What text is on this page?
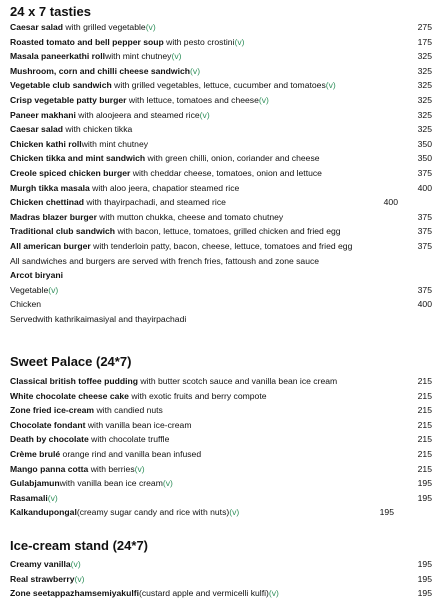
24 x 7 tasties
Caesar salad with grilled vegetable(v)	275
Roasted tomato and bell pepper soup with pesto crostini(v)	175
Masala paneerkathi rollwith mint chutney(v)	325
Mushroom, corn and chilli cheese sandwich(v)	325
Vegetable club sandwich with grilled vegetables, lettuce, cucumber and tomatoes(v)	325
Crisp vegetable patty burger with lettuce, tomatoes and cheese(v)	325
Paneer makhani with aloojeera and steamed rice(v)	325
Caesar salad with chicken tikka	325
Chicken kathi rollwith mint chutney	350
Chicken tikka and mint sandwich with green chilli, onion, coriander and cheese	350
Creole spiced chicken burger with cheddar cheese, tomatoes, onion and lettuce	375
Murgh tikka masala with aloo jeera, chapatior steamed rice	400
Chicken chettinad with thayirpachadi, and steamed rice	400
Madras blazer burger with mutton chukka, cheese and tomato chutney	375
Traditional club sandwich with bacon, lettuce, tomatoes, grilled chicken and fried egg	375
All american burger with tenderloin patty, bacon, cheese, lettuce, tomatoes and fried egg	375
All sandwiches and burgers are served with french fries, fattoush and zone sauce
Arcot biryani
Vegetable(v)	375
Chicken	400
Servedwith kathrikaimasiyal and thayirpachadi
Sweet Palace (24*7)
Classical british toffee pudding with butter scotch sauce and vanilla bean ice cream	215
White chocolate cheese cake with exotic fruits and berry compote	215
Zone fried ice-cream with candied nuts	215
Chocolate fondant with vanilla bean ice-cream	215
Death by chocolate with chocolate truffle	215
Crème brulé orange rind and vanilla bean infused	215
Mango panna cotta with berries(v)	215
Gulabjamunwith vanilla bean ice cream(v)	195
Rasamali(v)	195
Kalkandupongal(creamy sugar candy and rice with nuts)(v)	195
Ice-cream stand (24*7)
Creamy vanilla(v)	195
Real strawberry(v)	195
Zone seetappazhamsemiyakulfi(custard apple and vermicelli kulfi)(v)	195
